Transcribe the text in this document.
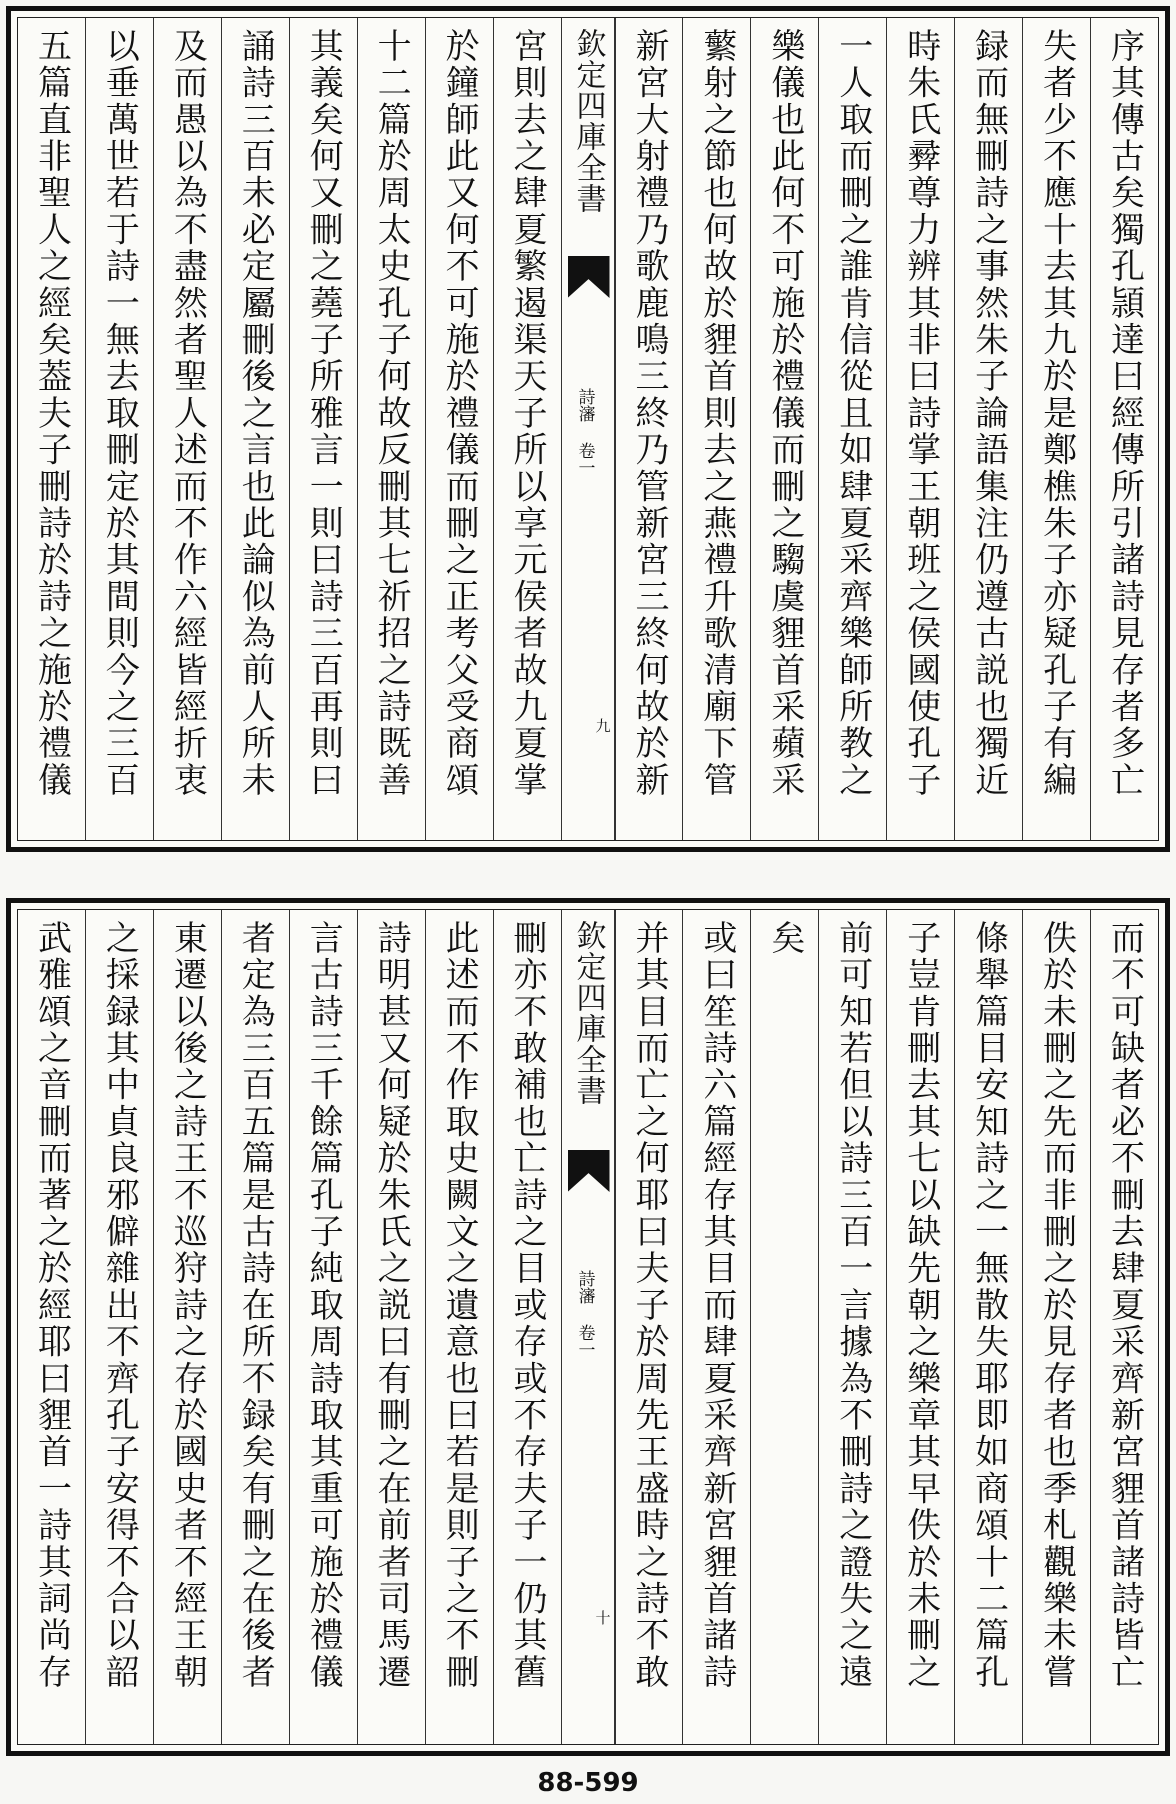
序其傳古矣獨孔頴達曰經傳所引諸詩見存者多亡
失者少不應十去其九於是鄭樵朱子亦疑孔子有編
録而無刪詩之事然朱子論語集注仍遵古説也獨近
時朱氏彛尊力辨其非曰詩掌王朝班之侯國使孔子
一人取而刪之誰肯信從且如肆夏采齊樂師所教之
樂儀也此何不可施於禮儀而刪之騶虞貍首采蘋采
蘩射之節也何故於貍首則去之燕禮升歌清廟下管
新宮大射禮乃歌鹿鳴三終乃管新宮三終何故於新
欽定四庫全書
詩瀋 卷一
九
宮則去之肆夏繁遏渠天子所以享元侯者故九夏掌
於鐘師此又何不可施於禮儀而刪之正考父受商頌
十二篇於周太史孔子何故反刪其七祈招之詩既善
其義矣何又刪之蕘子所雅言一則曰詩三百再則曰
誦詩三百未必定屬刪後之言也此論似為前人所未
及而愚以為不盡然者聖人述而不作六經皆經折衷
以垂萬世若于詩一無去取刪定於其間則今之三百
五篇直非聖人之經矣葢夫子刪詩於詩之施於禮儀
而不可缺者必不刪去肆夏采齊新宮貍首諸詩皆亡
佚於未刪之先而非刪之於見存者也季札觀樂未嘗
條舉篇目安知詩之一無散失耶即如商頌十二篇孔
子豈肯刪去其七以缺先朝之樂章其早佚於未刪之
前可知若但以詩三百一言據為不刪詩之證失之遠
矣
或曰笙詩六篇經存其目而肆夏采齊新宮貍首諸詩
并其目而亡之何耶曰夫子於周先王盛時之詩不敢
欽定四庫全書
詩瀋 卷一
十
刪亦不敢補也亡詩之目或存或不存夫子一仍其舊
此述而不作取史闕文之遺意也曰若是則子之不刪
詩明甚又何疑於朱氏之説曰有刪之在前者司馬遷
言古詩三千餘篇孔子純取周詩取其重可施於禮儀
者定為三百五篇是古詩在所不録矣有刪之在後者
東遷以後之詩王不巡狩詩之存於國史者不經王朝
之採録其中貞良邪僻雜出不齊孔子安得不合以韶
武雅頌之音刪而著之於經耶曰貍首一詩其詞尚存
88-599
